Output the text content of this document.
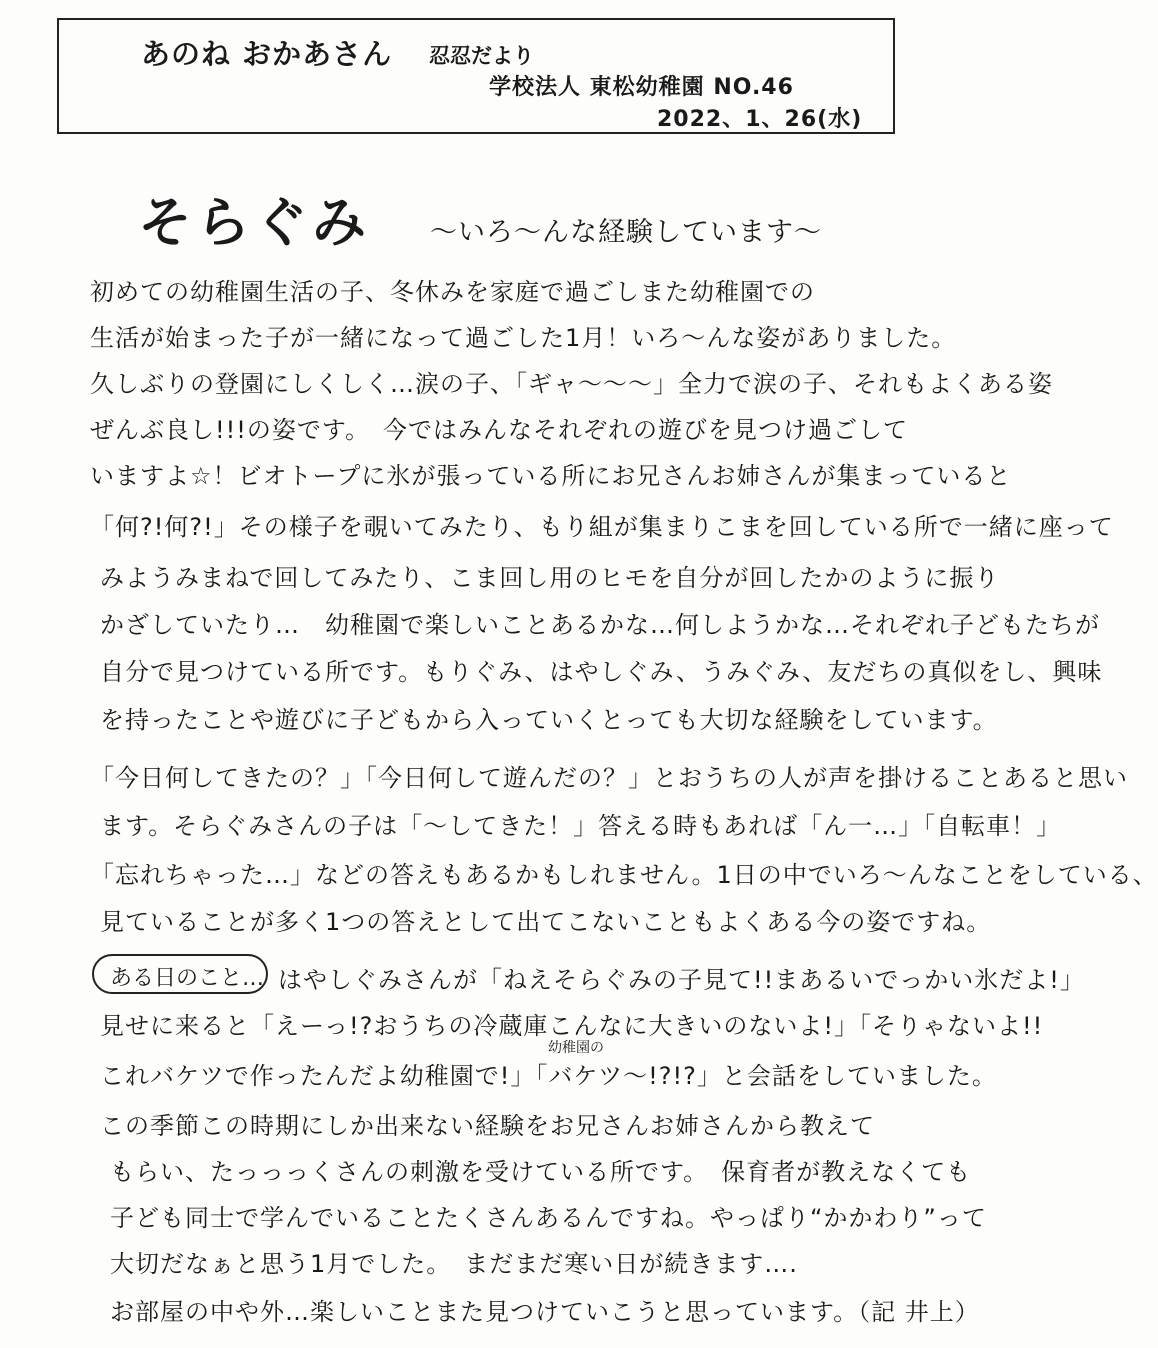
あのね おかあさん 忍忍だより
学校法人 東松幼稚園 NO.46
2022、1、26(水)
そらぐみ 〜いろ〜んな経験しています〜
初めての幼稚園生活の子、冬休みを家庭で過ごしまた幼稚園での
生活が始まった子が一緒になって過ごした1月！いろ〜んな姿がありました。
久しぶりの登園にしくしく…涙の子、「ギャ〜〜〜」全力で涙の子、それもよくある姿
ぜんぶ良し!!!の姿です。　今ではみんなそれぞれの遊びを見つけ過ごして
いますよ☆！ビオトープに氷が張っている所にお兄さんお姉さんが集まっていると
「何?!何?!」その様子を覗いてみたり、もり組が集まりこまを回している所で一緒に座って
みようみまねで回してみたり、こま回し用のヒモを自分が回したかのように振り
かざしていたり…　幼稚園で楽しいことあるかな…何しようかな…それぞれ子どもたちが
自分で見つけている所です。もりぐみ、はやしぐみ、うみぐみ、友だちの真似をし、興味
を持ったことや遊びに子どもから入っていくとっても大切な経験をしています。
「今日何してきたの？」「今日何して遊んだの？」とおうちの人が声を掛けることあると思い
ます。そらぐみさんの子は「〜してきた！」答える時もあれば「ん一…」「自転車！」
「忘れちゃった…」などの答えもあるかもしれません。1日の中でいろ〜んなことをしている、
見ていることが多く1つの答えとして出てこないこともよくある今の姿ですね。
ある日のこと… はやしぐみさんが「ねえそらぐみの子見て!!まあるいでっかい氷だよ!」
見せに来ると「えーっ!?おうちの冷蔵庫こんなに大きいのないよ!」「そりゃないよ!!
幼稚園の
これバケツで作ったんだよ幼稚園で!」「バケツ〜!?!?」と会話をしていました。
この季節この時期にしか出来ない経験をお兄さんお姉さんから教えて
もらい、たっっっくさんの刺激を受けている所です。　保育者が教えなくても
子ども同士で学んでいることたくさんあるんですね。やっぱり“かかわり”って
大切だなぁと思う1月でした。　まだまだ寒い日が続きます….
お部屋の中や外…楽しいことまた見つけていこうと思っています。（記 井上）
